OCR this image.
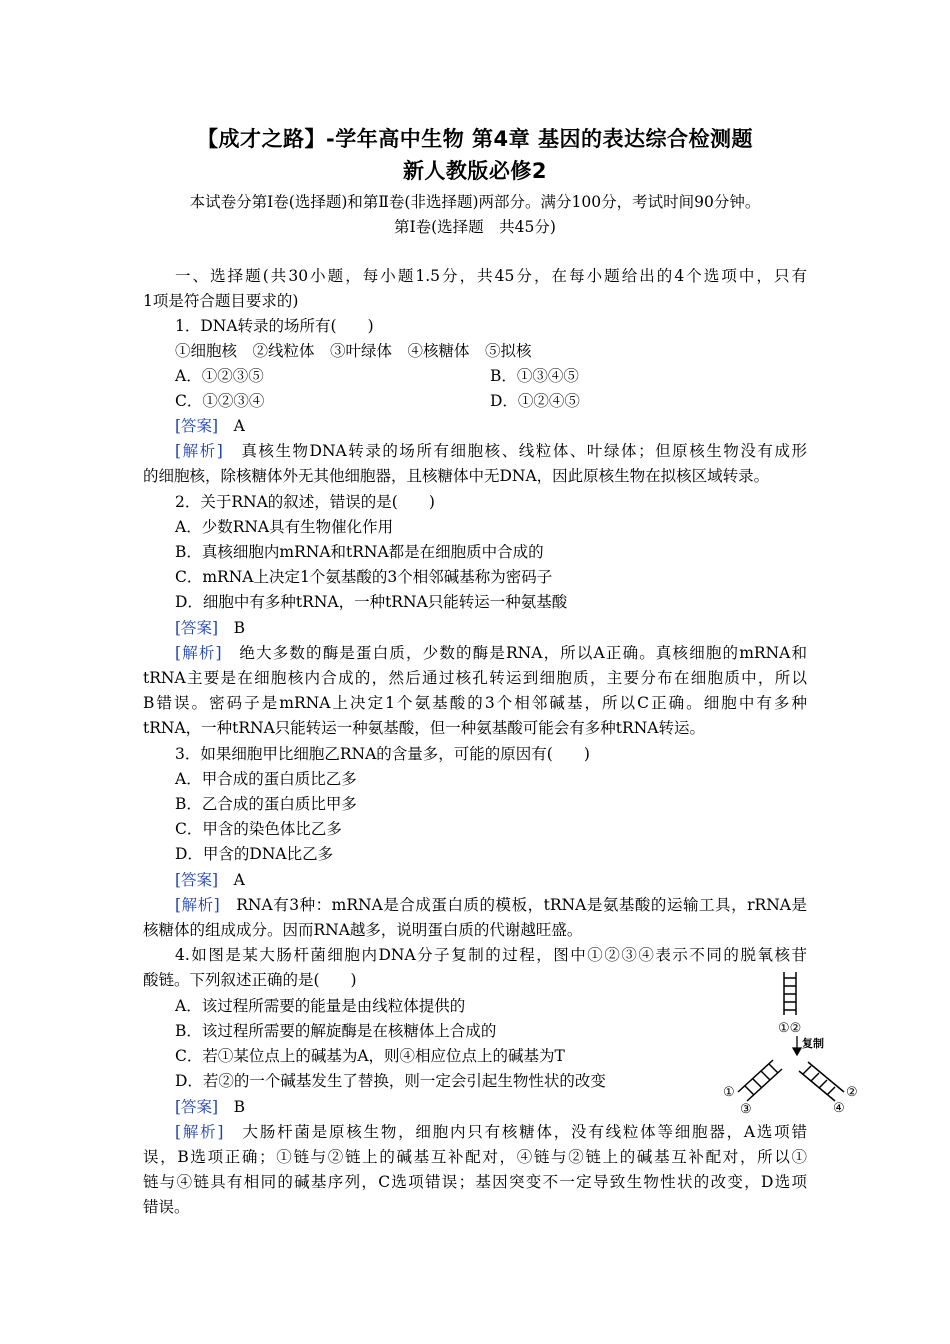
【成才之路】-学年高中生物 第4章 基因的表达综合检测题
新人教版必修2
本试卷分第Ⅰ卷(选择题)和第Ⅱ卷(非选择题)两部分。满分100分，考试时间90分钟。
第Ⅰ卷(选择题　共45分)
一、选择题(共30小题，每小题1.5分，共45分，在每小题给出的4个选项中，只有
1项是符合题目要求的)
1．DNA转录的场所有(　　)
①细胞核　②线粒体　③叶绿体　④核糖体　⑤拟核
A．①②③⑤	B．①③④⑤
C．①②③④	D．①②④⑤
[答案]　 A
[解析]　 真核生物DNA转录的场所有细胞核、线粒体、叶绿体；但原核生物没有成形
的细胞核，除核糖体外无其他细胞器，且核糖体中无DNA，因此原核生物在拟核区域转录。
2．关于RNA的叙述，错误的是(　　)
A．少数RNA具有生物催化作用
B．真核细胞内mRNA和tRNA都是在细胞质中合成的
C．mRNA上决定1个氨基酸的3个相邻碱基称为密码子
D．细胞中有多种tRNA，一种tRNA只能转运一种氨基酸
[答案]　 B
[解析]　 绝大多数的酶是蛋白质，少数的酶是RNA，所以A正确。真核细胞的mRNA和
tRNA主要是在细胞核内合成的，然后通过核孔转运到细胞质，主要分布在细胞质中，所以
B错误。密码子是mRNA上决定1个氨基酸的3个相邻碱基，所以C正确。细胞中有多种
tRNA，一种tRNA只能转运一种氨基酸，但一种氨基酸可能会有多种tRNA转运。
3．如果细胞甲比细胞乙RNA的含量多，可能的原因有(　　)
A．甲合成的蛋白质比乙多
B．乙合成的蛋白质比甲多
C．甲含的染色体比乙多
D．甲含的DNA比乙多
[答案]　 A
[解析]　 RNA有3种：mRNA是合成蛋白质的模板，tRNA是氨基酸的运输工具，rRNA是
核糖体的组成成分。因而RNA越多，说明蛋白质的代谢越旺盛。
4.如图是某大肠杆菌细胞内DNA分子复制的过程，图中①②③④表示不同的脱氧核苷
酸链。下列叙述正确的是(　　)
A．该过程所需要的能量是由线粒体提供的
B．该过程所需要的解旋酶是在核糖体上合成的
C．若①某位点上的碱基为A，则④相应位点上的碱基为T
D．若②的一个碱基发生了替换，则一定会引起生物性状的改变
[答案]　 B
[解析]　 大肠杆菌是原核生物，细胞内只有核糖体，没有线粒体等细胞器，A选项错
误，B选项正确；①链与②链上的碱基互补配对，④链与②链上的碱基互补配对，所以①
链与④链具有相同的碱基序列，C选项错误；基因突变不一定导致生物性状的改变，D选项
错误。
①②
复制
①
③
②
④
